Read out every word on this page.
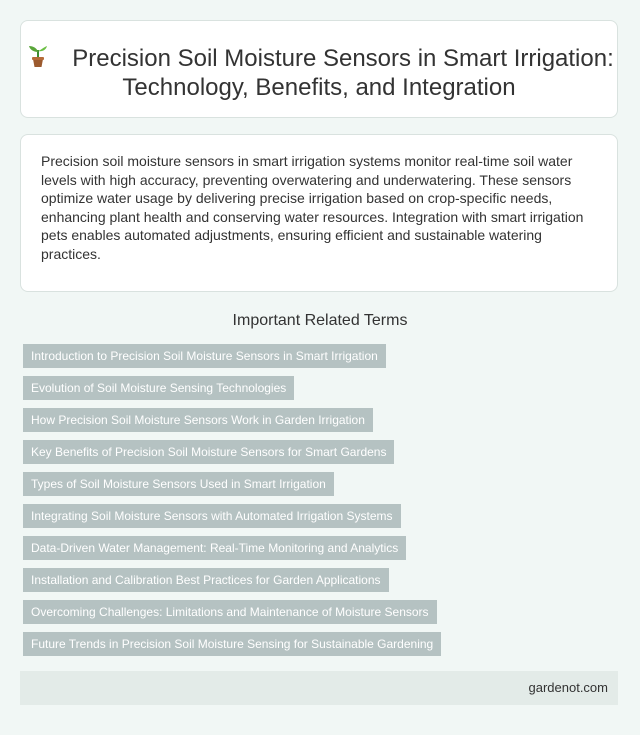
Precision Soil Moisture Sensors in Smart Irrigation: Technology, Benefits, and Integration

Precision soil moisture sensors in smart irrigation systems monitor real-time soil water levels with high accuracy, preventing overwatering and underwatering. These sensors optimize water usage by delivering precise irrigation based on crop-specific needs, enhancing plant health and conserving water resources. Integration with smart irrigation pets enables automated adjustments, ensuring efficient and sustainable watering practices.

Important Related Terms
Introduction to Precision Soil Moisture Sensors in Smart Irrigation
Evolution of Soil Moisture Sensing Technologies
How Precision Soil Moisture Sensors Work in Garden Irrigation
Key Benefits of Precision Soil Moisture Sensors for Smart Gardens
Types of Soil Moisture Sensors Used in Smart Irrigation
Integrating Soil Moisture Sensors with Automated Irrigation Systems
Data-Driven Water Management: Real-Time Monitoring and Analytics
Installation and Calibration Best Practices for Garden Applications
Overcoming Challenges: Limitations and Maintenance of Moisture Sensors
Future Trends in Precision Soil Moisture Sensing for Sustainable Gardening
gardenot.com
